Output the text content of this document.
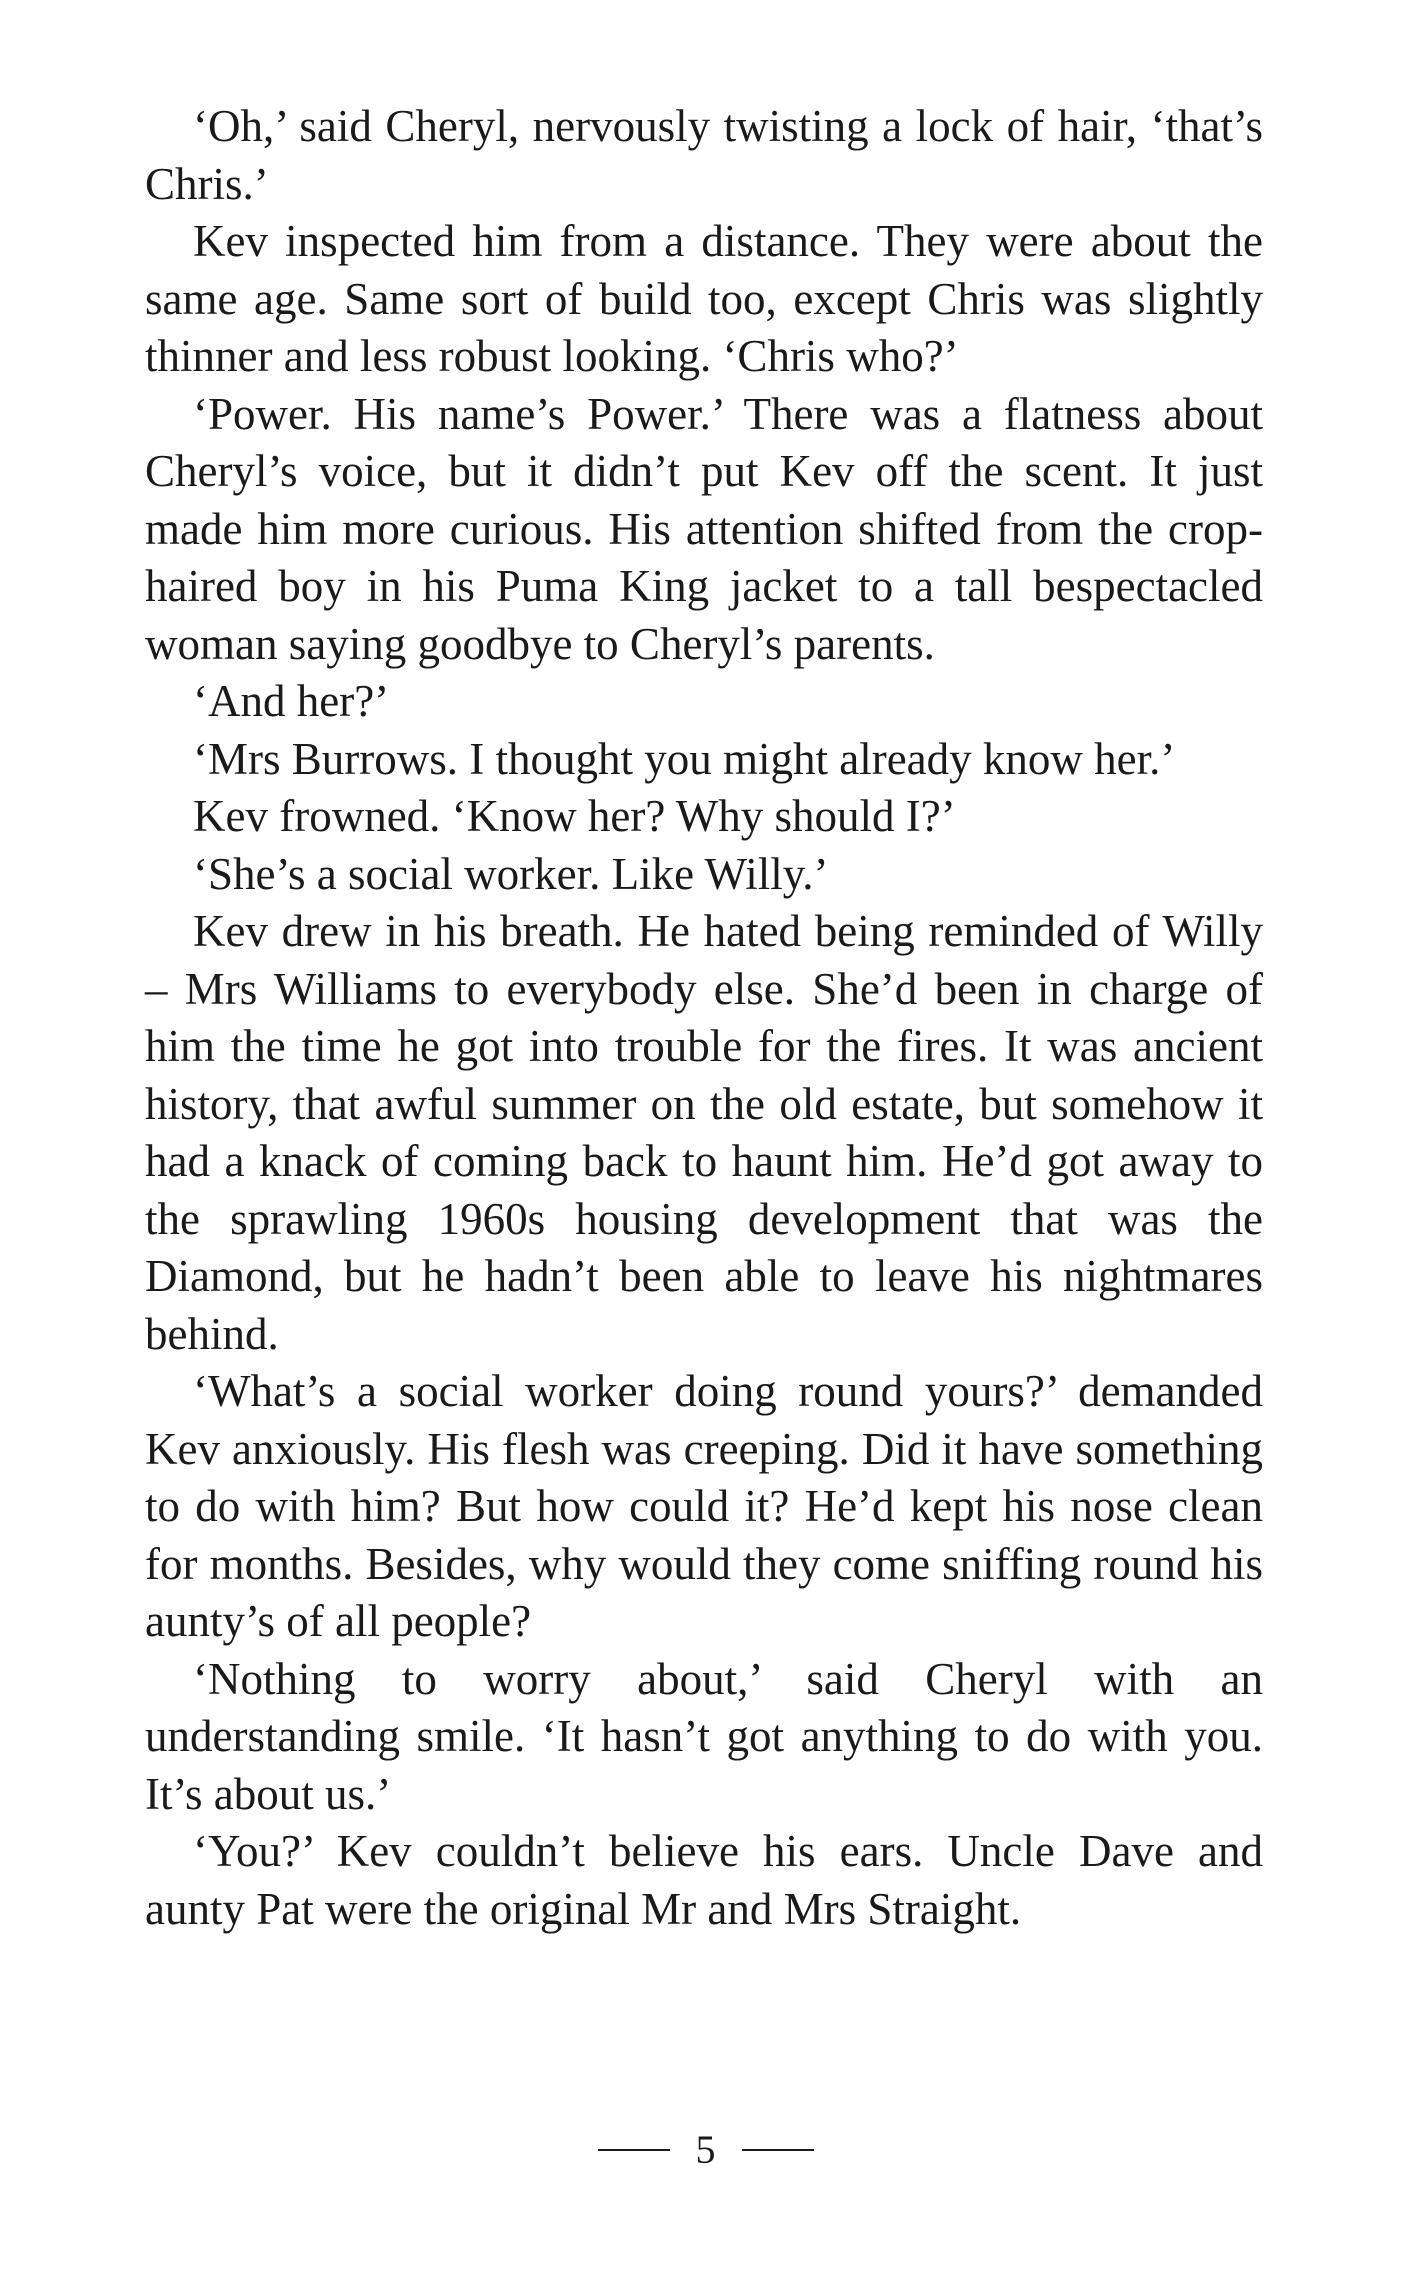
‘Oh,’ said Cheryl, nervously twisting a lock of hair, ‘that’s Chris.’

Kev inspected him from a distance. They were about the same age. Same sort of build too, except Chris was slightly thinner and less robust looking. ‘Chris who?’

‘Power. His name’s Power.’ There was a flatness about Cheryl’s voice, but it didn’t put Kev off the scent. It just made him more curious. His attention shifted from the crop-haired boy in his Puma King jacket to a tall bespectacled woman saying goodbye to Cheryl’s parents.

‘And her?’

‘Mrs Burrows. I thought you might already know her.’

Kev frowned. ‘Know her? Why should I?’

‘She’s a social worker. Like Willy.’

Kev drew in his breath. He hated being reminded of Willy – Mrs Williams to everybody else. She’d been in charge of him the time he got into trouble for the fires. It was ancient history, that awful summer on the old estate, but somehow it had a knack of coming back to haunt him. He’d got away to the sprawling 1960s housing development that was the Diamond, but he hadn’t been able to leave his nightmares behind.

‘What’s a social worker doing round yours?’ demanded Kev anxiously. His flesh was creeping. Did it have something to do with him? But how could it? He’d kept his nose clean for months. Besides, why would they come sniffing round his aunty’s of all people?

‘Nothing to worry about,’ said Cheryl with an understanding smile. ‘It hasn’t got anything to do with you. It’s about us.’

‘You?’ Kev couldn’t believe his ears. Uncle Dave and aunty Pat were the original Mr and Mrs Straight.

5
